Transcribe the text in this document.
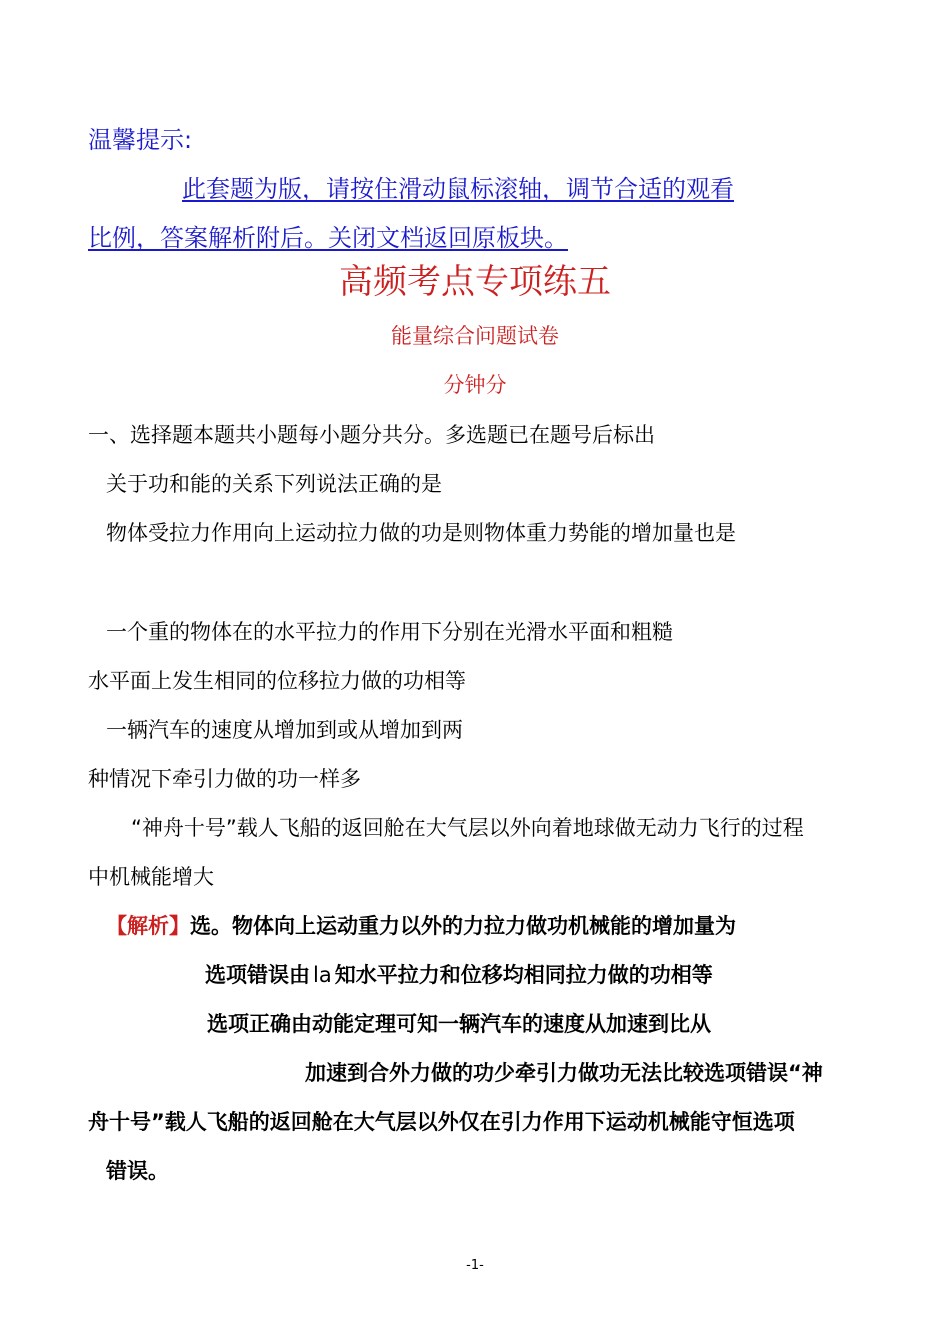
温馨提示:
此套题为版，请按住滑动鼠标滚轴，调节合适的观看
比例，答案解析附后。关闭文档返回原板块。
高频考点专项练五
能量综合问题试卷
分钟分
一、选择题本题共小题每小题分共分。多选题已在题号后标出
关于功和能的关系下列说法正确的是
物体受拉力作用向上运动拉力做的功是则物体重力势能的增加量也是
一个重的物体在的水平拉力的作用下分别在光滑水平面和粗糙
水平面上发生相同的位移拉力做的功相等
一辆汽车的速度从增加到或从增加到两
种情况下牵引力做的功一样多
“神舟十号”载人飞船的返回舱在大气层以外向着地球做无动力飞行的过程
中机械能增大
【解析】选。物体向上运动重力以外的力拉力做功机械能的增加量为
选项错误由 la 知水平拉力和位移均相同拉力做的功相等
选项正确由动能定理可知一辆汽车的速度从加速到比从
加速到合外力做的功少牵引力做功无法比较选项错误“神
舟十号”载人飞船的返回舱在大气层以外仅在引力作用下运动机械能守恒选项
错误。
-1-
